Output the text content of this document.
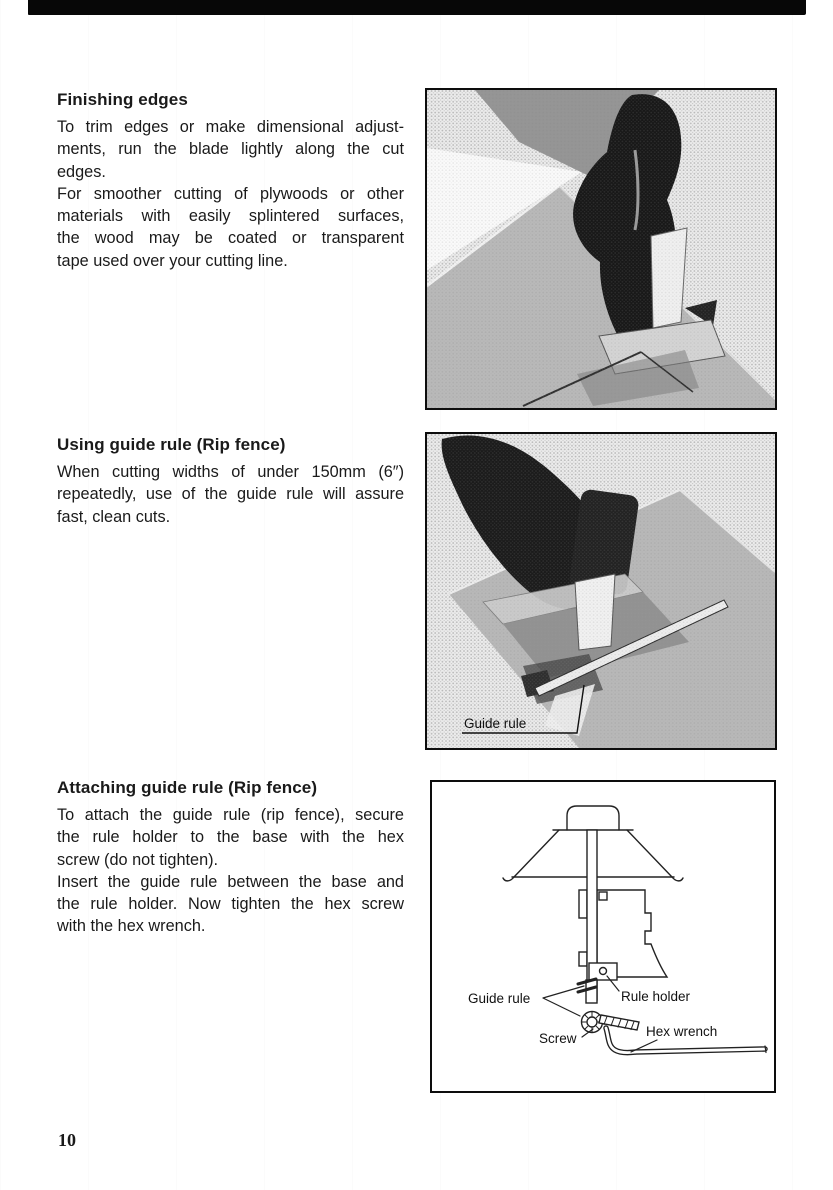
Finishing edges
To trim edges or make dimensional adjust-
ments, run the blade lightly along the cut
edges.
For smoother cutting of plywoods or other
materials with easily splintered surfaces,
the wood may be coated or transparent
tape used over your cutting line.
Using guide rule (Rip fence)
When cutting widths of under 150mm (6″)
repeatedly, use of the guide rule will assure
fast, clean cuts.
Guide rule
Attaching guide rule (Rip fence)
To attach the guide rule (rip fence), secure
the rule holder to the base with the hex
screw (do not tighten).
Insert the guide rule between the base and
the rule holder. Now tighten the hex screw
with the hex wrench.
Guide rule	Rule holder
Screw	Hex wrench
10
